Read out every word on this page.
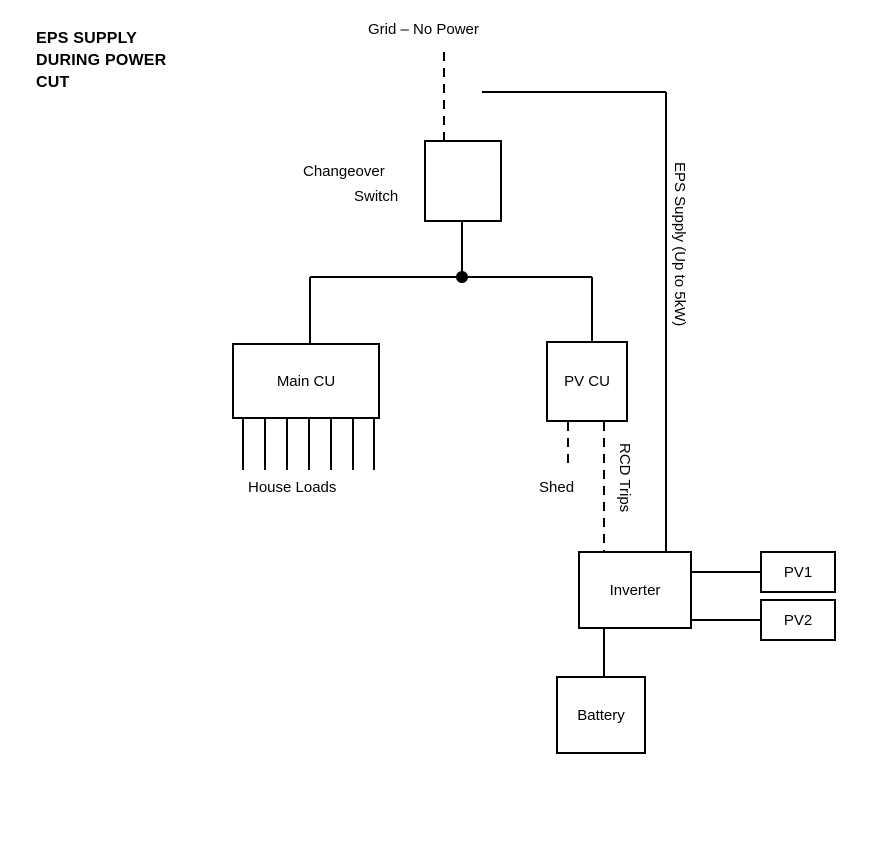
EPS SUPPLY
DURING POWER
CUT
Grid – No Power
Changeover
Switch	EPS Supply (Up to 5kW)
House Loads	Shed	RCD Trips
Main CU	PV CU
Inverter
PV1
PV2
Battery
